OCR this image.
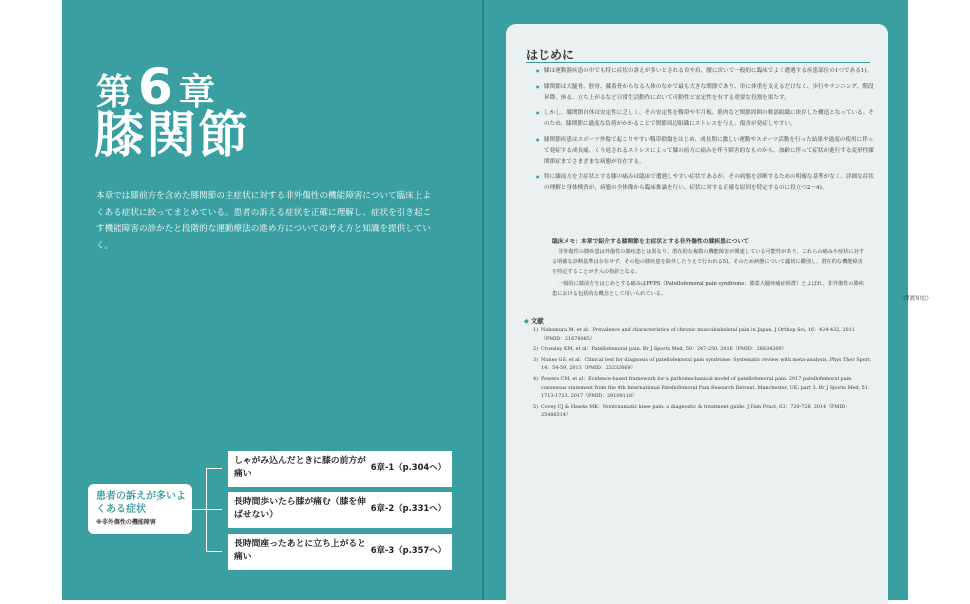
第 6 章
膝関節
本章では膝前方を含めた膝関節の主症状に対する非外傷性の機能障害について臨床上よくある症状に絞ってまとめている。患者の訴える症状を正確に理解し、症状を引き起こす機能障害の診かたと段階的な運動療法の進め方についての考え方と知識を提供していく。
患者の訴えが多いよくある症状
※非外傷性の機能障害
しゃがみ込んだときに膝の前方が痛い
6章-1（p.304へ）
長時間歩いたら膝が痛む（膝を伸ばせない）
6章-2（p.331へ）
長時間座ったあとに立ち上がると痛い
6章-3（p.357へ）
はじめに
● 膝は運動器疾患の中でも特に症状の訴えが多いとされる首や肩、腰に次いで一般的に臨床でよく遭遇する疾患部位の1つである1)。
● 膝関節は大腿骨、脛骨、膝蓋骨からなる人体のなかで最も大きな関節であり、単に体重を支えるだけなく、歩行やランニング、階段昇降、座る、立ち上がるなど日常生活動作において可動性と安定性を有する重要な役割を果たす。
● しかし、膝関節自体は安定性に乏しく、その安定性を靱帯や半月板、筋肉など関節周囲の軟部組織に依存した構造となっている。そのため、膝関節に過度な負荷がかかることで関節周辺組織にストレスを与え、傷害が発症しやすい。
● 膝関節疾患はスポーツ外傷で起こりやすい靱帯損傷をはじめ、成長期に激しい運動やスポーツ活動を行った結果や過度の使用に伴って発症する成長痛、くり返されるストレスによって膝の前方に痛みを伴う障害的なものから、加齢に伴って症状が進行する変形性膝関節症までさまざまな病態が存在する。
● 特に膝前方を主症状とする膝の痛みは臨床で遭遇しやすい症状であるが、その病態を診断するための明確な基準がなく、詳細な症状の理解と身体検査が、病態の全体像から臨床推論を行い、症状に対する正確な原因を特定するのに役立つ2～4)。
臨床メモ：本章で紹介する膝関節を主症状とする非外傷性の膝疾患について
非外傷性の膝疾患は外傷性の膝疾患とは異なり、潜在的な複数の機能障害が関連している可能性があり、これらの痛みや症状に対する明確な診断基準は存在せず、その他の膝疾患を除外したうえで行われる5)。そのため病態について適切に鑑別し、潜在的な機能障害を特定することが介入の指針となる。
一般的に膝前方をはじめとする痛みはPFPS（Patellofemoral pain syndrome：膝蓋大腿疼痛症候群）とよばれ、非外傷性の膝疾患における包括的な概念として用いられている。
（澤渡知宏）
◆ 文献
1) Nakamura M, et al：Prevalence and characteristics of chronic musculoskeletal pain in Japan. J Orthop Sci, 16：424-432, 2011（PMID：21678085）
2) Crossley KM, et al：Patellofemoral pain. Br J Sports Med, 50：247-250, 2016（PMID：26834209）
3) Nunes GS, et al：Clinical test for diagnosis of patellofemoral pain syndrome: Systematic review with meta-analysis. Phys Ther Sport, 14：54-59, 2013（PMID：23232069）
4) Powers CM, et al：Evidence-based framework for a pathomechanical model of patellofemoral pain: 2017 patellofemoral pain consensus statement from the 4th International Patellofemoral Pain Research Retreat, Manchester, UK: part 3. Br J Sports Med, 51：1713-1723, 2017（PMID：29109118）
5) Covey CJ & Hawks MK：Nontraumatic knee pain: a diagnostic & treatment guide. J Fam Pract, 63：720-728, 2014（PMID：25486314）
